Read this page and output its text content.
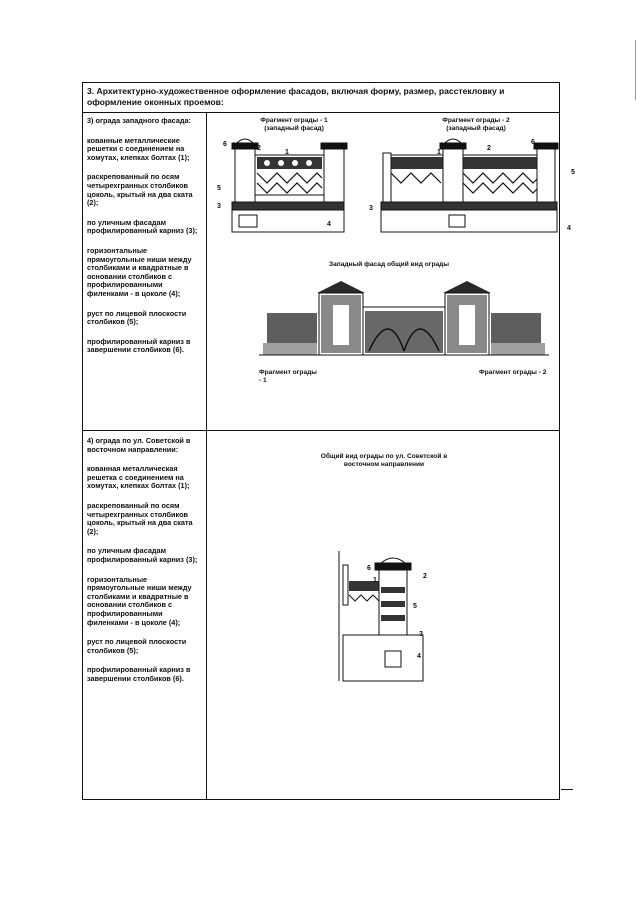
3. Архитектурно-художественное оформление фасадов, включая форму, размер, расстекловку и оформление оконных проемов:

3) ограда западного фасада:

кованные металлические решетки с соединением на хомутах, клепках болтах (1);

раскрепованный по осям четырехгранных столбиков цоколь, крытый на два ската (2);

по уличным фасадам профилированный карниз (3);

горизонтальные прямоугольные ниши между столбиками и квадратные в основании столбиков с профилированными филенками - в цоколе (4);

руст по лицевой плоскости столбиков (5);

профилированный карниз в завершении столбиков (6).

Фрагмент ограды - 1 (западный фасад)
Фрагмент ограды - 2 (западный фасад)
6
2
1
5
3
4
1
2
6
5
3
4
Западный фасад общий вид ограды
Фрагмент ограды - 1
Фрагмент ограды - 2

4) ограда по ул. Советской в восточном направлении:

кованная металлическая решетка с соединением на хомутах, клепках болтах (1);

раскрепованный по осям четырехгранных столбиков цоколь, крытый на два ската (2);

по уличным фасадам профилированный карниз (3);

горизонтальные прямоугольные ниши между столбиками и квадратные в основании столбиков с профилированными филенками - в цоколе (4);

руст по лицевой плоскости столбиков (5);

профилированный карниз в завершении столбиков (6).

Общий вид ограды по ул. Советской в восточном направлении
6
1
2
5
3
4
